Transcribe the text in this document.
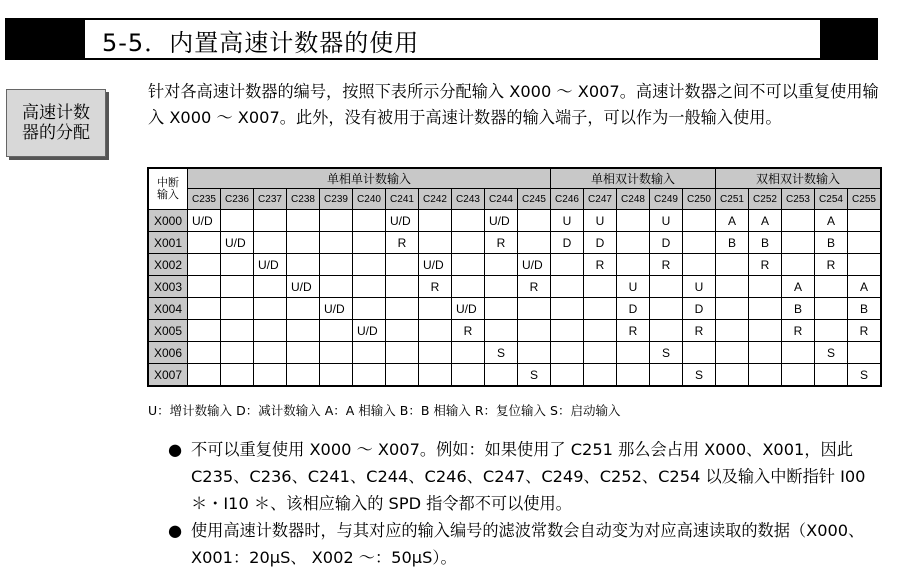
5-5．内置高速计数器的使用
高速计数
器的分配
针对各高速计数器的编号，按照下表所示分配输入 X000 ～ X007。高速计数器之间不可以重复使用输入 X000 ～ X007。此外，没有被用于高速计数器的输入端子，可以作为一般输入使用。
中断
输入	单相单计数输入											单相双计数输入					双相双计数输入				
	C235	C236	C237	C238	C239	C240	C241	C242	C243	C244	C245	C246	C247	C248	C249	C250	C251	C252	C253	C254	C255
X000	U/D						U/D			U/D		U	U		U		A	A		A	
X001		U/D					R			R		D	D		D		B	B		B	
X002			U/D					U/D			U/D		R		R			R		R	
X003				U/D				R			R			U		U			A		A
X004					U/D				U/D					D		D			B		B
X005						U/D			R					R		R			R		R
X006										S					S					S	
X007											S					S					S
U：增计数输入 D：减计数输入 A：A 相输入 B：B 相输入 R：复位输入 S：启动输入
● 不可以重复使用 X000 ～ X007。例如：如果使用了 C251 那么会占用 X000、X001，因此 C235、C236、C241、C244、C246、C247、C249、C252、C254 以及输入中断指针 I00 ＊・I10 ＊、该相应输入的 SPD 指令都不可以使用。
● 使用高速计数器时，与其对应的输入编号的滤波常数会自动变为对应高速读取的数据（X000、 X001：20μS、 X002 ～：50μS）。
